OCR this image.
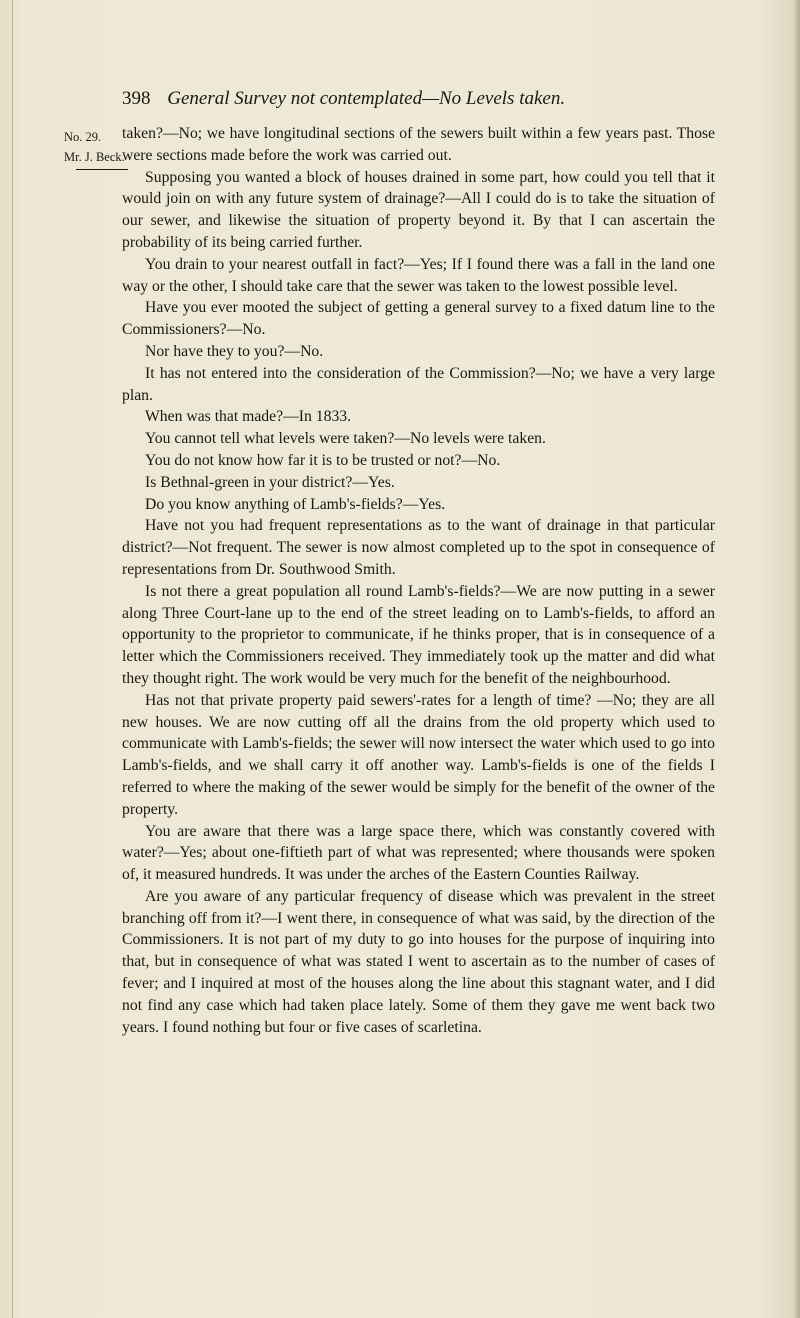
398 General Survey not contemplated—No Levels taken.
No. 29.
Mr. J. Beck.

taken?—No; we have longitudinal sections of the sewers built within a few years past. Those were sections made before the work was carried out.

Supposing you wanted a block of houses drained in some part, how could you tell that it would join on with any future system of drainage?—All I could do is to take the situation of our sewer, and likewise the situation of property beyond it. By that I can ascertain the probability of its being carried further.

You drain to your nearest outfall in fact?—Yes; If I found there was a fall in the land one way or the other, I should take care that the sewer was taken to the lowest possible level.

Have you ever mooted the subject of getting a general survey to a fixed datum line to the Commissioners?—No.

Nor have they to you?—No.

It has not entered into the consideration of the Commission?—No; we have a very large plan.

When was that made?—In 1833.

You cannot tell what levels were taken?—No levels were taken.

You do not know how far it is to be trusted or not?—No.

Is Bethnal-green in your district?—Yes.

Do you know anything of Lamb's-fields?—Yes.

Have not you had frequent representations as to the want of drainage in that particular district?—Not frequent. The sewer is now almost completed up to the spot in consequence of representations from Dr. Southwood Smith.

Is not there a great population all round Lamb's-fields?—We are now putting in a sewer along Three Court-lane up to the end of the street leading on to Lamb's-fields, to afford an opportunity to the proprietor to communicate, if he thinks proper, that is in consequence of a letter which the Commissioners received. They immediately took up the matter and did what they thought right. The work would be very much for the benefit of the neighbourhood.

Has not that private property paid sewers'-rates for a length of time? —No; they are all new houses. We are now cutting off all the drains from the old property which used to communicate with Lamb's-fields; the sewer will now intersect the water which used to go into Lamb's-fields, and we shall carry it off another way. Lamb's-fields is one of the fields I referred to where the making of the sewer would be simply for the benefit of the owner of the property.

You are aware that there was a large space there, which was constantly covered with water?—Yes; about one-fiftieth part of what was represented; where thousands were spoken of, it measured hundreds. It was under the arches of the Eastern Counties Railway.

Are you aware of any particular frequency of disease which was prevalent in the street branching off from it?—I went there, in consequence of what was said, by the direction of the Commissioners. It is not part of my duty to go into houses for the purpose of inquiring into that, but in consequence of what was stated I went to ascertain as to the number of cases of fever; and I inquired at most of the houses along the line about this stagnant water, and I did not find any case which had taken place lately. Some of them they gave me went back two years. I found nothing but four or five cases of scarletina.
